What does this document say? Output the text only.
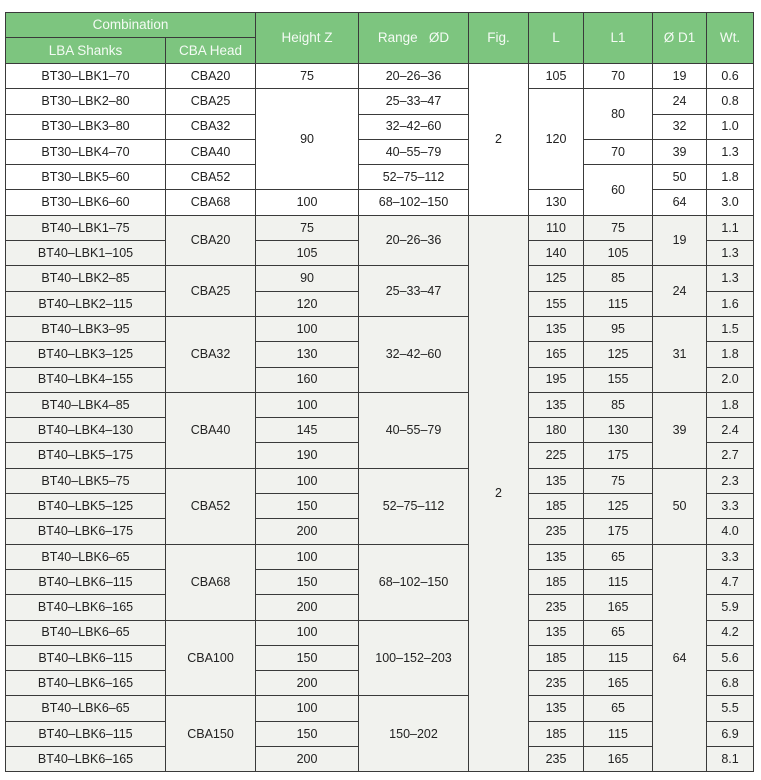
Combination		Height Z	Range   ØD	Fig.	L	L1	Ø D1	Wt.
LBA Shanks	CBA Head							
BT30–LBK1–70	CBA20	75	20–26–36	2	105	70	19	0.6
BT30–LBK2–80	CBA25	90	25–33–47		120	80	24	0.8
BT30–LBK3–80	CBA32		32–42–60				32	1.0
BT30–LBK4–70	CBA40		40–55–79			70	39	1.3
BT30–LBK5–60	CBA52		52–75–112			60	50	1.8
BT30–LBK6–60	CBA68	100	68–102–150		130		64	3.0
BT40–LBK1–75	CBA20	75	20–26–36	2	110	75	19	1.1
BT40–LBK1–105		105			140	105		1.3
BT40–LBK2–85	CBA25	90	25–33–47		125	85	24	1.3
BT40–LBK2–115		120			155	115		1.6
BT40–LBK3–95	CBA32	100	32–42–60		135	95	31	1.5
BT40–LBK3–125		130			165	125		1.8
BT40–LBK4–155		160			195	155		2.0
BT40–LBK4–85	CBA40	100	40–55–79		135	85	39	1.8
BT40–LBK4–130		145			180	130		2.4
BT40–LBK5–175		190			225	175		2.7
BT40–LBK5–75	CBA52	100	52–75–112		135	75	50	2.3
BT40–LBK5–125		150			185	125		3.3
BT40–LBK6–175		200			235	175		4.0
BT40–LBK6–65	CBA68	100	68–102–150		135	65	64	3.3
BT40–LBK6–115		150			185	115		4.7
BT40–LBK6–165		200			235	165		5.9
BT40–LBK6–65	CBA100	100	100–152–203		135	65		4.2
BT40–LBK6–115		150			185	115		5.6
BT40–LBK6–165		200			235	165		6.8
BT40–LBK6–65	CBA150	100	150–202		135	65		5.5
BT40–LBK6–115		150			185	115		6.9
BT40–LBK6–165		200			235	165		8.1
